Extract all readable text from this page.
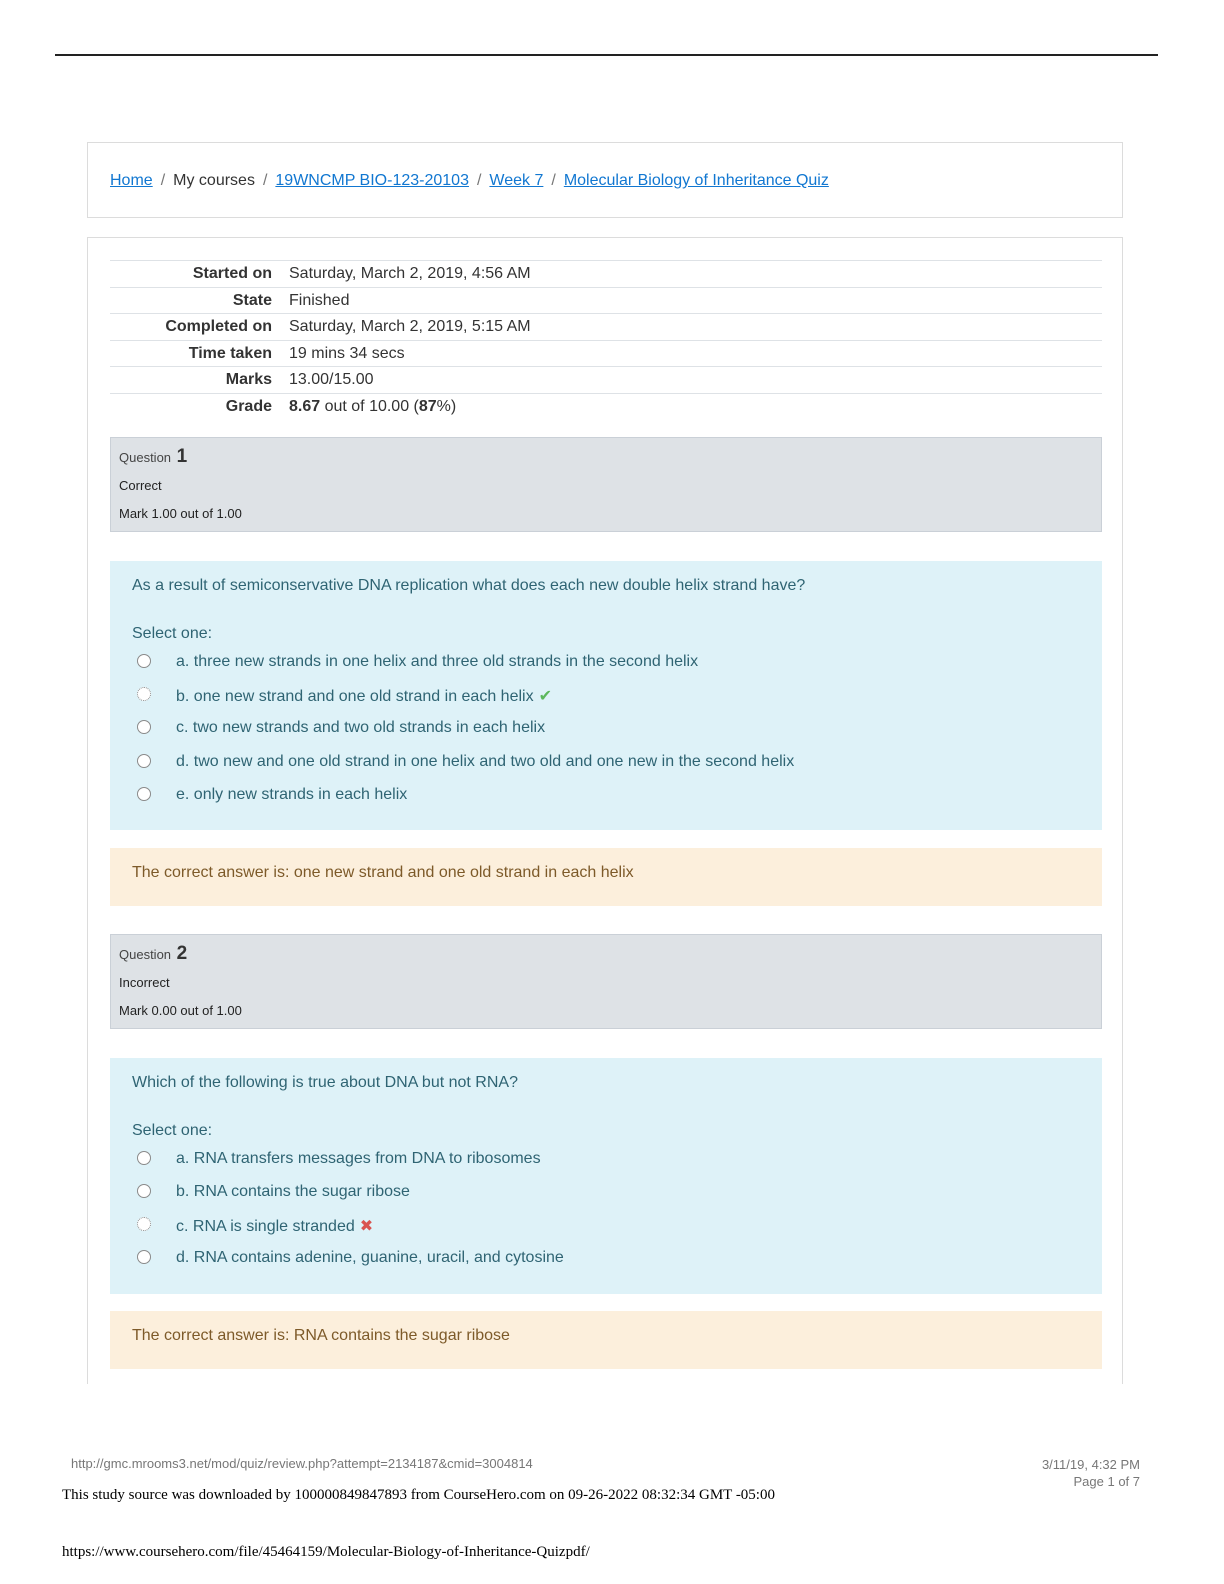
Home / My courses / 19WNCMP BIO-123-20103 / Week 7 / Molecular Biology of Inheritance Quiz
Started on	Saturday, March 2, 2019, 4:56 AM
State	Finished
Completed on	Saturday, March 2, 2019, 5:15 AM
Time taken	19 mins 34 secs
Marks	13.00/15.00
Grade	8.67 out of 10.00 (87%)
Question 1
Correct
Mark 1.00 out of 1.00
As a result of semiconservative DNA replication what does each new double helix strand have?
Select one:
a. three new strands in one helix and three old strands in the second helix
b. one new strand and one old strand in each helix ✔
c. two new strands and two old strands in each helix
d. two new and one old strand in one helix and two old and one new in the second helix
e. only new strands in each helix
The correct answer is: one new strand and one old strand in each helix
Question 2
Incorrect
Mark 0.00 out of 1.00
Which of the following is true about DNA but not RNA?
Select one:
a. RNA transfers messages from DNA to ribosomes
b. RNA contains the sugar ribose
c. RNA is single stranded ✖
d. RNA contains adenine, guanine, uracil, and cytosine
The correct answer is: RNA contains the sugar ribose
http://gmc.mrooms3.net/mod/quiz/review.php?attempt=2134187&cmid=3004814	3/11/19, 4:32 PM
Page 1 of 7
This study source was downloaded by 100000849847893 from CourseHero.com on 09-26-2022 08:32:34 GMT -05:00
https://www.coursehero.com/file/45464159/Molecular-Biology-of-Inheritance-Quizpdf/
